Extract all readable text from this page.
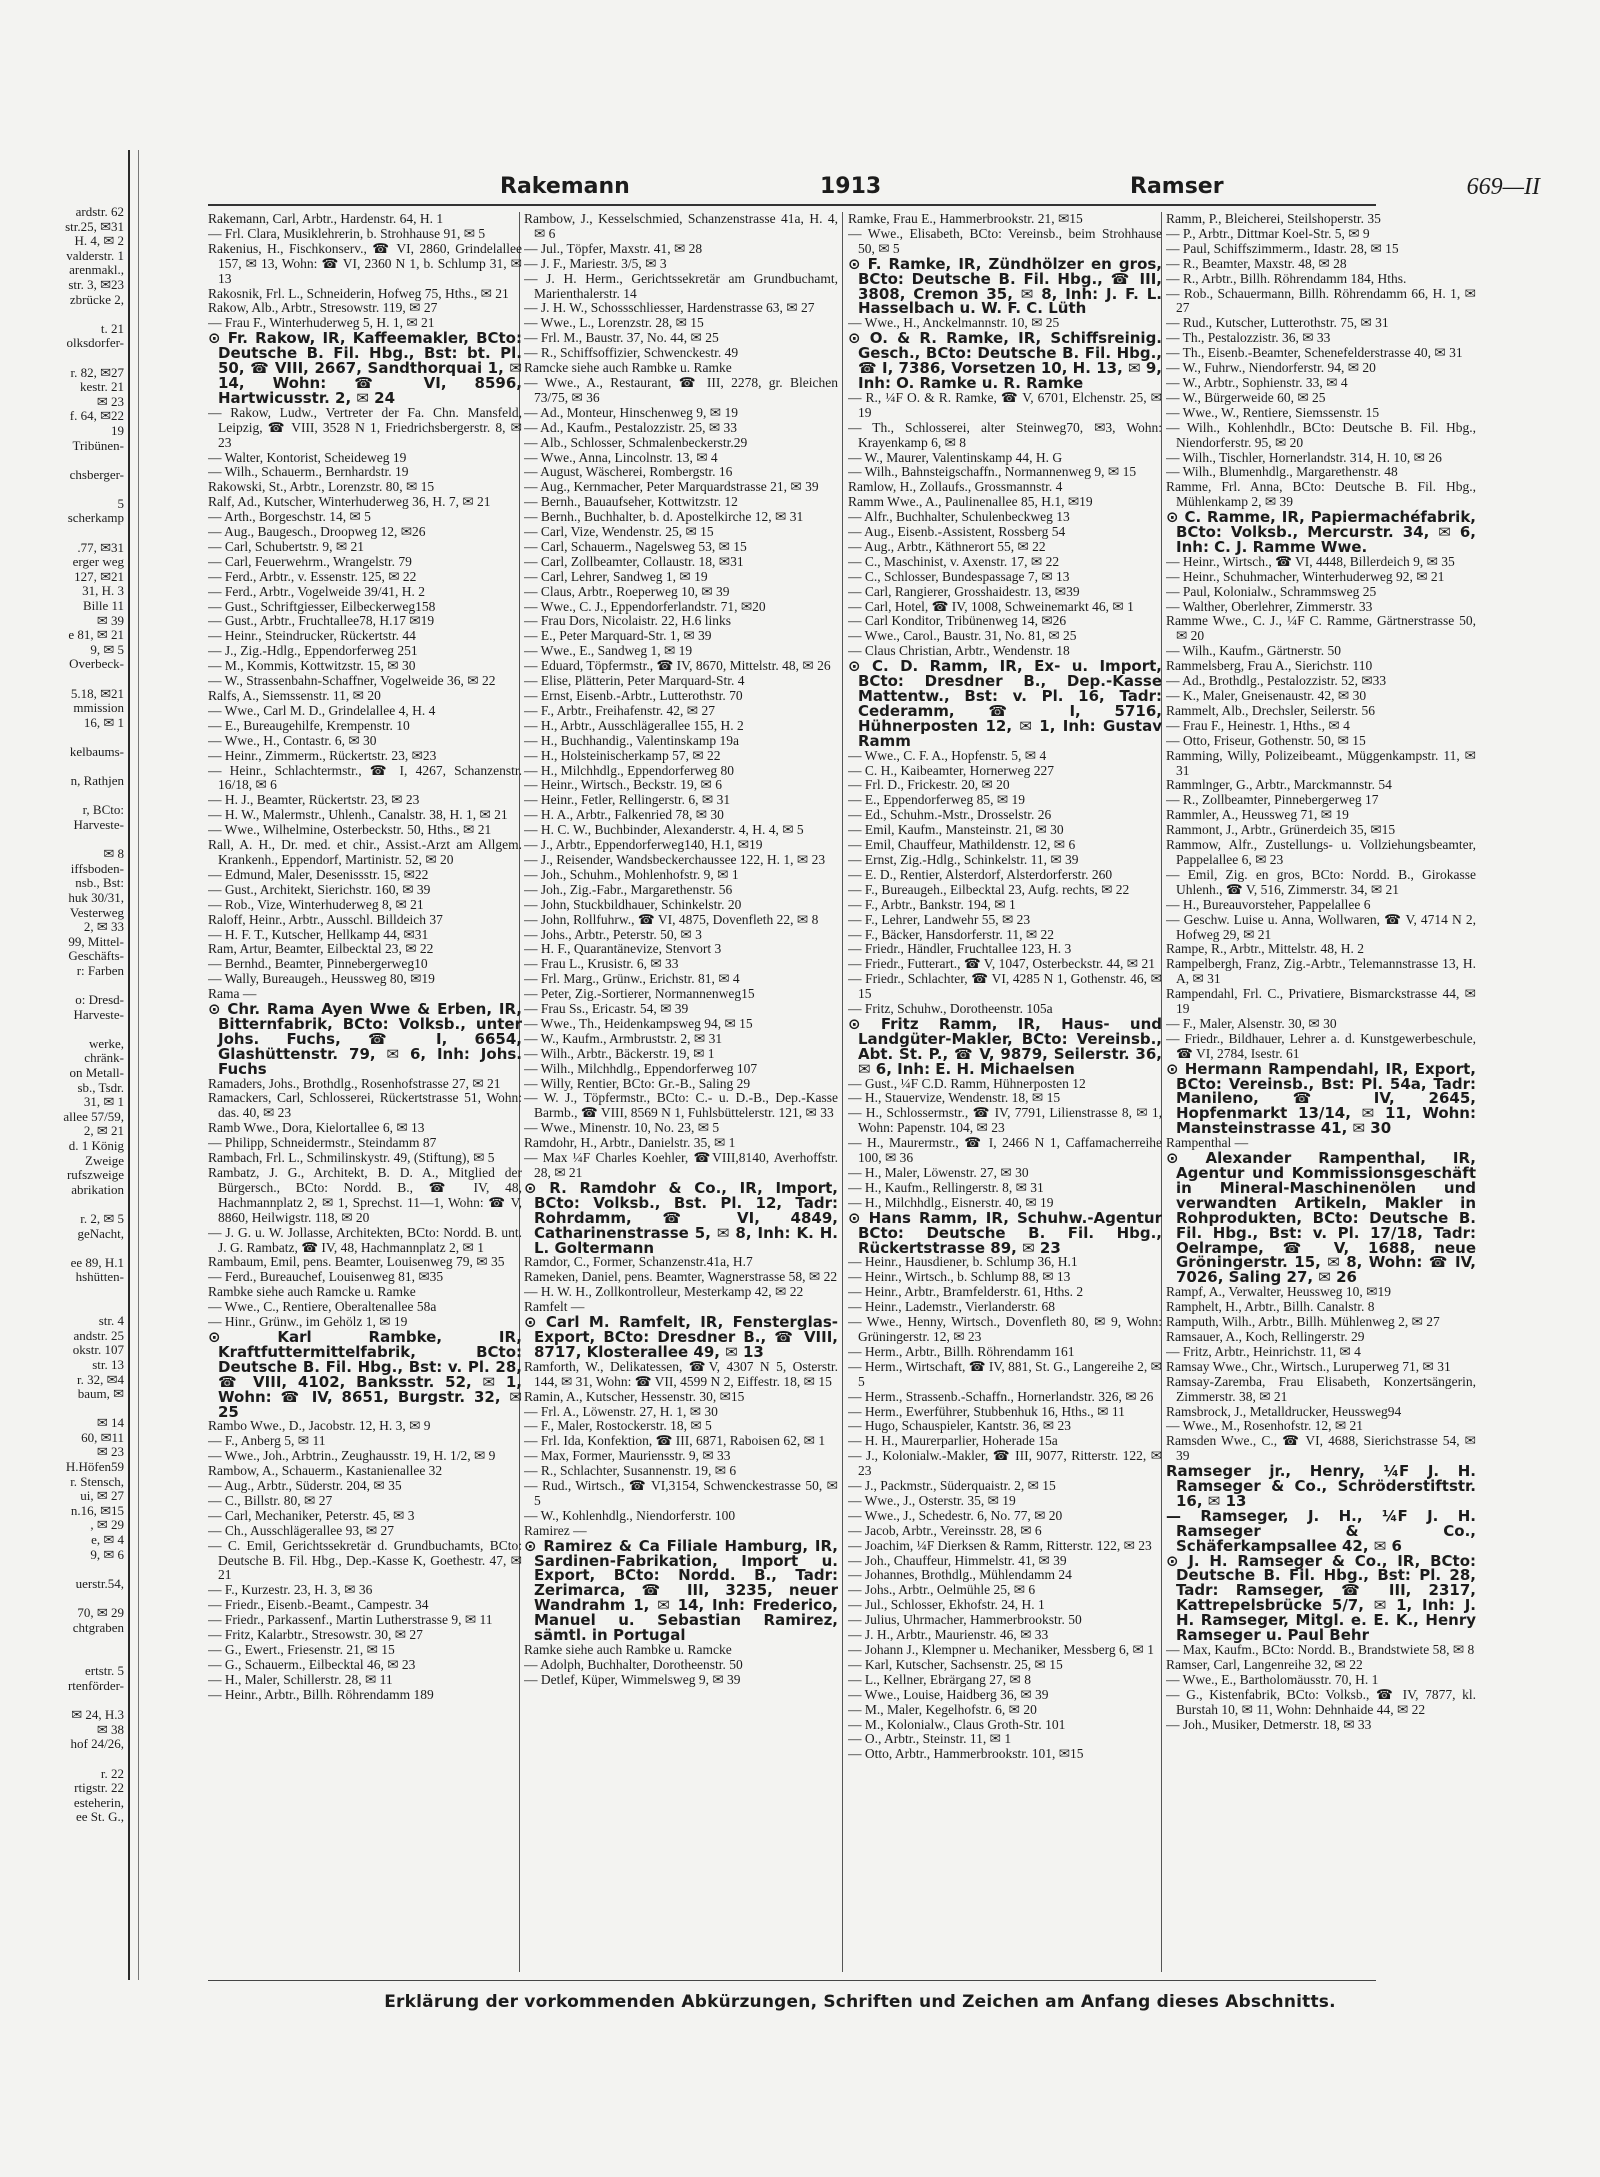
ardstr. 62
str.25, ✉31
H. 4, ✉ 2
valderstr. 1
arenmakl.,
str. 3, ✉23
zbrücke 2,

t. 21
olksdorfer-

r. 82, ✉27
kestr. 21
✉ 23
f. 64, ✉22
19
Tribünen-

chsberger-

5
scherkamp

.77, ✉31
erger weg
127, ✉21
31, H. 3
Bille 11
✉ 39
e 81, ✉ 21
9, ✉ 5
Overbeck-

5.18, ✉21
mmission
16, ✉ 1

kelbaums-

n, Rathjen

r, BCto:
Harveste-

✉ 8
iffsboden-
nsb., Bst:
huk 30/31,
Vesterweg
2, ✉ 33
99, Mittel-
Geschäfts-
r: Farben

o: Dresd-
Harveste-

werke,
chränk-
on Metall-
sb., Tsdr.
31, ✉ 1
allee 57/59,
2, ✉ 21
d. 1 König
Zweige
rufszweige
abrikation

r. 2, ✉ 5
geNacht,

ee 89, H.1
hshütten-

str. 4
andstr. 25
okstr. 107
str. 13
r. 32, ✉4
baum, ✉

✉ 14
60, ✉11
✉ 23
H.Höfen59
r. Stensch,
ui, ✉ 27
n.16, ✉15
, ✉ 29
e, ✉ 4
9, ✉ 6

uerstr.54,

70, ✉ 29
chtgraben

ertstr. 5
rtenförder-

✉ 24, H.3
✉ 38
hof 24/26,

r. 22
rtigstr. 22
esteherin,
ee St. G.,
Rakemann	1913	Ramser	669—II

Rakemann, Carl, Arbtr., Hardenstr. 64, H. 1

— Frl. Clara, Musiklehrerin, b. Strohhause 91, ✉ 5

Rakenius, H., Fischkonserv., ☎ VI, 2860, Grindelallee 157, ✉ 13, Wohn: ☎ VI, 2360 N 1, b. Schlump 31, ✉ 13

Rakosnik, Frl. L., Schneiderin, Hofweg 75, Hths., ✉ 21

Rakow, Alb., Arbtr., Stresowstr. 119, ✉ 27

— Frau F., Winterhuderweg 5, H. 1, ✉ 21

⊙ Fr. Rakow, IR, Kaffeemakler, BCto: Deutsche B. Fil. Hbg., Bst: bt. Pl. 50, ☎ VIII, 2667, Sandthorquai 1, ✉ 14, Wohn: ☎ VI, 8596, Hartwicusstr. 2, ✉ 24

— Rakow, Ludw., Vertreter der Fa. Chn. Mansfeld, Leipzig, ☎ VIII, 3528 N 1, Friedrichsbergerstr. 8, ✉ 23

— Walter, Kontorist, Scheideweg 19

— Wilh., Schauerm., Bernhardstr. 19

Rakowski, St., Arbtr., Lorenzstr. 80, ✉ 15

Ralf, Ad., Kutscher, Winterhuderweg 36, H. 7, ✉ 21

— Arth., Borgeschstr. 14, ✉ 5

— Aug., Baugesch., Droopweg 12, ✉26

— Carl, Schubertstr. 9, ✉ 21

— Carl, Feuerwehrm., Wrangelstr. 79

— Ferd., Arbtr., v. Essenstr. 125, ✉ 22

— Ferd., Arbtr., Vogelweide 39/41, H. 2

— Gust., Schriftgiesser, Eilbeckerweg158

— Gust., Arbtr., Fruchtallee78, H.17 ✉19

— Heinr., Steindrucker, Rückertstr. 44

— J., Zig.-Hdlg., Eppendorferweg 251

— M., Kommis, Kottwitzstr. 15, ✉ 30

— W., Strassenbahn-Schaffner, Vogelweide 36, ✉ 22

Ralfs, A., Siemssenstr. 11, ✉ 20

— Wwe., Carl M. D., Grindelallee 4, H. 4

— E., Bureaugehilfe, Krempenstr. 10

— Wwe., H., Contastr. 6, ✉ 30

— Heinr., Zimmerm., Rückertstr. 23, ✉23

— Heinr., Schlachtermstr., ☎ I, 4267, Schanzenstr. 16/18, ✉ 6

— H. J., Beamter, Rückertstr. 23, ✉ 23

— H. W., Malermstr., Uhlenh., Canalstr. 38, H. 1, ✉ 21

— Wwe., Wilhelmine, Osterbeckstr. 50, Hths., ✉ 21

Rall, A. H., Dr. med. et chir., Assist.-Arzt am Allgem. Krankenh., Eppendorf, Martinistr. 52, ✉ 20

— Edmund, Maler, Desenissstr. 15, ✉22

— Gust., Architekt, Sierichstr. 160, ✉ 39

— Rob., Vize, Winterhuderweg 8, ✉ 21

Raloff, Heinr., Arbtr., Ausschl. Billdeich 37

— H. F. T., Kutscher, Hellkamp 44, ✉31

Ram, Artur, Beamter, Eilbecktal 23, ✉ 22

— Bernhd., Beamter, Pinnebergerweg10

— Wally, Bureaugeh., Heussweg 80, ✉19

Rama —

⊙ Chr. Rama Ayen Wwe & Erben, IR, Bitternfabrik, BCto: Volksb., unter Johs. Fuchs, ☎ I, 6654, Glashüttenstr. 79, ✉ 6, Inh: Johs. Fuchs

Ramaders, Johs., Brothdlg., Rosenhofstrasse 27, ✉ 21

Ramackers, Carl, Schlosserei, Rückertstrasse 51, Wohn: das. 40, ✉ 23

Ramb Wwe., Dora, Kielortallee 6, ✉ 13

— Philipp, Schneidermstr., Steindamm 87

Rambach, Frl. L., Schmilinskystr. 49, (Stiftung), ✉ 5

Rambatz, J. G., Architekt, B. D. A., Mitglied der Bürgersch., BCto: Nordd. B., ☎ IV, 48, Hachmannplatz 2, ✉ 1, Sprechst. 11—1, Wohn: ☎ V, 8860, Heilwigstr. 118, ✉ 20

— J. G. u. W. Jollasse, Architekten, BCto: Nordd. B. unt. J. G. Rambatz, ☎ IV, 48, Hachmannplatz 2, ✉ 1

Rambaum, Emil, pens. Beamter, Louisenweg 79, ✉ 35

— Ferd., Bureauchef, Louisenweg 81, ✉35

Rambke siehe auch Ramcke u. Ramke

— Wwe., C., Rentiere, Oberaltenallee 58a

— Hinr., Grünw., im Gehölz 1, ✉ 19

⊙ Karl Rambke, IR, Kraftfuttermittelfabrik, BCto: Deutsche B. Fil. Hbg., Bst: v. Pl. 28, ☎ VIII, 4102, Banksstr. 52, ✉ 1, Wohn: ☎ IV, 8651, Burgstr. 32, ✉ 25

Rambo Wwe., D., Jacobstr. 12, H. 3, ✉ 9

— F., Anberg 5, ✉ 11

— Wwe., Joh., Arbtrin., Zeughausstr. 19, H. 1/2, ✉ 9

Rambow, A., Schauerm., Kastanienallee 32

— Aug., Arbtr., Süderstr. 204, ✉ 35

— C., Billstr. 80, ✉ 27

— Carl, Mechaniker, Peterstr. 45, ✉ 3

— Ch., Ausschlägerallee 93, ✉ 27

— C. Emil, Gerichtssekretär d. Grundbuchamts, BCto: Deutsche B. Fil. Hbg., Dep.-Kasse K, Goethestr. 47, ✉ 21

— F., Kurzestr. 23, H. 3, ✉ 36

— Friedr., Eisenb.-Beamt., Campestr. 34

— Friedr., Parkassenf., Martin Lutherstrasse 9, ✉ 11

— Fritz, Kalarbtr., Stresowstr. 30, ✉ 27

— G., Ewert., Friesenstr. 21, ✉ 15

— G., Schauerm., Eilbecktal 46, ✉ 23

— H., Maler, Schillerstr. 28, ✉ 11

— Heinr., Arbtr., Billh. Röhrendamm 189

Rambow, J., Kesselschmied, Schanzenstrasse 41a, H. 4, ✉ 6

— Jul., Töpfer, Maxstr. 41, ✉ 28

— J. F., Mariestr. 3/5, ✉ 3

— J. H. Herm., Gerichtssekretär am Grundbuchamt, Marienthalerstr. 14

— J. H. W., Schossschliesser, Hardenstrasse 63, ✉ 27

— Wwe., L., Lorenzstr. 28, ✉ 15

— Frl. M., Baustr. 37, No. 44, ✉ 25

— R., Schiffsoffizier, Schwenckestr. 49

Ramcke siehe auch Rambke u. Ramke

— Wwe., A., Restaurant, ☎ III, 2278, gr. Bleichen 73/75, ✉ 36

— Ad., Monteur, Hinschenweg 9, ✉ 19

— Ad., Kaufm., Pestalozzistr. 25, ✉ 33

— Alb., Schlosser, Schmalenbeckerstr.29

— Wwe., Anna, Lincolnstr. 13, ✉ 4

— August, Wäscherei, Rombergstr. 16

— Aug., Kernmacher, Peter Marquardstrasse 21, ✉ 39

— Bernh., Bauaufseher, Kottwitzstr. 12

— Bernh., Buchhalter, b. d. Apostelkirche 12, ✉ 31

— Carl, Vize, Wendenstr. 25, ✉ 15

— Carl, Schauerm., Nagelsweg 53, ✉ 15

— Carl, Zollbeamter, Collaustr. 18, ✉31

— Carl, Lehrer, Sandweg 1, ✉ 19

— Claus, Arbtr., Roeperweg 10, ✉ 39

— Wwe., C. J., Eppendorferlandstr. 71, ✉20

— Frau Dors, Nicolaistr. 22, H.6 links

— E., Peter Marquard-Str. 1, ✉ 39

— Wwe., E., Sandweg 1, ✉ 19

— Eduard, Töpfermstr., ☎ IV, 8670, Mittelstr. 48, ✉ 26

— Elise, Plätterin, Peter Marquard-Str. 4

— Ernst, Eisenb.-Arbtr., Lutterothstr. 70

— F., Arbtr., Freihafenstr. 42, ✉ 27

— H., Arbtr., Ausschlägerallee 155, H. 2

— H., Buchhandig., Valentinskamp 19a

— H., Holsteinischerkamp 57, ✉ 22

— H., Milchhdlg., Eppendorferweg 80

— Heinr., Wirtsch., Beckstr. 19, ✉ 6

— Heinr., Fetler, Rellingerstr. 6, ✉ 31

— H. A., Arbtr., Falkenried 78, ✉ 30

— H. C. W., Buchbinder, Alexanderstr. 4, H. 4, ✉ 5

— J., Arbtr., Eppendorferweg140, H.1, ✉19

— J., Reisender, Wandsbeckerchaussee 122, H. 1, ✉ 23

— Joh., Schuhm., Mohlenhofstr. 9, ✉ 1

— Joh., Zig.-Fabr., Margarethenstr. 56

— John, Stuckbildhauer, Schinkelstr. 20

— John, Rollfuhrw., ☎ VI, 4875, Dovenfleth 22, ✉ 8

— Johs., Arbtr., Peterstr. 50, ✉ 3

— H. F., Quarantänevize, Stenvort 3

— Frau L., Krusistr. 6, ✉ 33

— Frl. Marg., Grünw., Erichstr. 81, ✉ 4

— Peter, Zig.-Sortierer, Normannenweg15

— Frau Ss., Ericastr. 54, ✉ 39

— Wwe., Th., Heidenkampsweg 94, ✉ 15

— W., Kaufm., Armbruststr. 2, ✉ 31

— Wilh., Arbtr., Bäckerstr. 19, ✉ 1

— Wilh., Milchhdlg., Eppendorferweg 107

— Willy, Rentier, BCto: Gr.-B., Saling 29

— W. J., Töpfermstr., BCto: C.- u. D.-B., Dep.-Kasse Barmb., ☎ VIII, 8569 N 1, Fuhlsbüttelerstr. 121, ✉ 33

— Wwe., Minenstr. 10, No. 23, ✉ 5

Ramdohr, H., Arbtr., Danielstr. 35, ✉ 1

— Max ¼F Charles Koehler, ☎VIII,8140, Averhoffstr. 28, ✉ 21

⊙ R. Ramdohr & Co., IR, Import, BCto: Volksb., Bst. Pl. 12, Tadr: Rohrdamm, ☎ VI, 4849, Catharinenstrasse 5, ✉ 8, Inh: K. H. L. Goltermann

Ramdor, C., Former, Schanzenstr.41a, H.7

Rameken, Daniel, pens. Beamter, Wagnerstrasse 58, ✉ 22

— H. W. H., Zollkontrolleur, Mesterkamp 42, ✉ 22

Ramfelt —

⊙ Carl M. Ramfelt, IR, Fensterglas-Export, BCto: Dresdner B., ☎ VIII, 8717, Klosterallee 49, ✉ 13

Ramforth, W., Delikatessen, ☎V, 4307 N 5, Osterstr. 144, ✉ 31, Wohn: ☎ VII, 4599 N 2, Eiffestr. 18, ✉ 15

Ramin, A., Kutscher, Hessenstr. 30, ✉15

— Frl. A., Löwenstr. 27, H. 1, ✉ 30

— F., Maler, Rostockerstr. 18, ✉ 5

— Frl. Ida, Konfektion, ☎ III, 6871, Raboisen 62, ✉ 1

— Max, Former, Mauriensstr. 9, ✉ 33

— R., Schlachter, Susannenstr. 19, ✉ 6

— Rud., Wirtsch., ☎ VI,3154, Schwenckestrasse 50, ✉ 5

— W., Kohlenhdlg., Niendorferstr. 100

Ramirez —

⊙ Ramirez & Ca Filiale Hamburg, IR, Sardinen-Fabrikation, Import u. Export, BCto: Nordd. B., Tadr: Zerimarca, ☎ III, 3235, neuer Wandrahm 1, ✉ 14, Inh: Frederico, Manuel u. Sebastian Ramirez, sämtl. in Portugal

Ramke siehe auch Rambke u. Ramcke

— Adolph, Buchhalter, Dorotheenstr. 50

— Detlef, Küper, Wimmelsweg 9, ✉ 39

Ramke, Frau E., Hammerbrookstr. 21, ✉15

— Wwe., Elisabeth, BCto: Vereinsb., beim Strohhause 50, ✉ 5

⊙ F. Ramke, IR, Zündhölzer en gros, BCto: Deutsche B. Fil. Hbg., ☎ III, 3808, Cremon 35, ✉ 8, Inh: J. F. L. Hasselbach u. W. F. C. Lüth

— Wwe., H., Anckelmannstr. 10, ✉ 25

⊙ O. & R. Ramke, IR, Schiffsreinig. Gesch., BCto: Deutsche B. Fil. Hbg., ☎ I, 7386, Vorsetzen 10, H. 13, ✉ 9, Inh: O. Ramke u. R. Ramke

— R., ¼F O. & R. Ramke, ☎ V, 6701, Elchenstr. 25, ✉ 19

— Th., Schlosserei, alter Steinweg70, ✉3, Wohn: Krayenkamp 6, ✉ 8

— W., Maurer, Valentinskamp 44, H. G

— Wilh., Bahnsteigschaffn., Normannenweg 9, ✉ 15

Ramlow, H., Zollaufs., Grossmannstr. 4

Ramm Wwe., A., Paulinenallee 85, H.1, ✉19

— Alfr., Buchhalter, Schulenbeckweg 13

— Aug., Eisenb.-Assistent, Rossberg 54

— Aug., Arbtr., Käthnerort 55, ✉ 22

— C., Maschinist, v. Axenstr. 17, ✉ 22

— C., Schlosser, Bundespassage 7, ✉ 13

— Carl, Rangierer, Grosshaidestr. 13, ✉39

— Carl, Hotel, ☎ IV, 1008, Schweinemarkt 46, ✉ 1

— Carl Konditor, Tribünenweg 14, ✉26

— Wwe., Carol., Baustr. 31, No. 81, ✉ 25

— Claus Christian, Arbtr., Wendenstr. 18

⊙ C. D. Ramm, IR, Ex- u. Import, BCto: Dresdner B., Dep.-Kasse Mattentw., Bst: v. Pl. 16, Tadr: Cederamm, ☎ I, 5716, Hühnerposten 12, ✉ 1, Inh: Gustav Ramm

— Wwe., C. F. A., Hopfenstr. 5, ✉ 4

— C. H., Kaibeamter, Hornerweg 227

— Frl. D., Frickestr. 20, ✉ 20

— E., Eppendorferweg 85, ✉ 19

— Ed., Schuhm.-Mstr., Drosselstr. 26

— Emil, Kaufm., Mansteinstr. 21, ✉ 30

— Emil, Chauffeur, Mathildenstr. 12, ✉ 6

— Ernst, Zig.-Hdlg., Schinkelstr. 11, ✉ 39

— E. D., Rentier, Alsterdorf, Alsterdorferstr. 260

— F., Bureaugeh., Eilbecktal 23, Aufg. rechts, ✉ 22

— F., Arbtr., Bankstr. 194, ✉ 1

— F., Lehrer, Landwehr 55, ✉ 23

— F., Bäcker, Hansdorferstr. 11, ✉ 22

— Friedr., Händler, Fruchtallee 123, H. 3

— Friedr., Futterart., ☎ V, 1047, Osterbeckstr. 44, ✉ 21

— Friedr., Schlachter, ☎ VI, 4285 N 1, Gothenstr. 46, ✉ 15

— Fritz, Schuhw., Dorotheenstr. 105a

⊙ Fritz Ramm, IR, Haus- und Landgüter-Makler, BCto: Vereinsb., Abt. St. P., ☎ V, 9879, Seilerstr. 36, ✉ 6, Inh: E. H. Michaelsen

— Gust., ¼F C.D. Ramm, Hühnerposten 12

— H., Stauervize, Wendenstr. 18, ✉ 15

— H., Schlossermstr., ☎ IV, 7791, Lilienstrasse 8, ✉ 1, Wohn: Papenstr. 104, ✉ 23

— H., Maurermstr., ☎ I, 2466 N 1, Caffamacherreihe 100, ✉ 36

— H., Maler, Löwenstr. 27, ✉ 30

— H., Kaufm., Rellingerstr. 8, ✉ 31

— H., Milchhdlg., Eisnerstr. 40, ✉ 19

⊙ Hans Ramm, IR, Schuhw.-Agentur BCto: Deutsche B. Fil. Hbg., Rückertstrasse 89, ✉ 23

— Heinr., Hausdiener, b. Schlump 36, H.1

— Heinr., Wirtsch., b. Schlump 88, ✉ 13

— Heinr., Arbtr., Bramfelderstr. 61, Hths. 2

— Heinr., Lademstr., Vierlanderstr. 68

— Wwe., Henny, Wirtsch., Dovenfleth 80, ✉ 9, Wohn: Grüningerstr. 12, ✉ 23

— Herm., Arbtr., Billh. Röhrendamm 161

— Herm., Wirtschaft, ☎ IV, 881, St. G., Langereihe 2, ✉ 5

— Herm., Strassenb.-Schaffn., Hornerlandstr. 326, ✉ 26

— Herm., Ewerführer, Stubbenhuk 16, Hths., ✉ 11

— Hugo, Schauspieler, Kantstr. 36, ✉ 23

— H. H., Maurerparlier, Hoherade 15a

— J., Kolonialw.-Makler, ☎ III, 9077, Ritterstr. 122, ✉ 23

— J., Packmstr., Süderquaistr. 2, ✉ 15

— Wwe., J., Osterstr. 35, ✉ 19

— Wwe., J., Schedestr. 6, No. 77, ✉ 20

— Jacob, Arbtr., Vereinsstr. 28, ✉ 6

— Joachim, ¼F Dierksen & Ramm, Ritterstr. 122, ✉ 23

— Joh., Chauffeur, Himmelstr. 41, ✉ 39

— Johannes, Brothdlg., Mühlendamm 24

— Johs., Arbtr., Oelmühle 25, ✉ 6

— Jul., Schlosser, Ekhofstr. 24, H. 1

— Julius, Uhrmacher, Hammerbrookstr. 50

— J. H., Arbtr., Maurienstr. 46, ✉ 33

— Johann J., Klempner u. Mechaniker, Messberg 6, ✉ 1

— Karl, Kutscher, Sachsenstr. 25, ✉ 15

— L., Kellner, Ebrärgang 27, ✉ 8

— Wwe., Louise, Haidberg 36, ✉ 39

— M., Maler, Kegelhofstr. 6, ✉ 20

— M., Kolonialw., Claus Groth-Str. 101

— O., Arbtr., Steinstr. 11, ✉ 1

— Otto, Arbtr., Hammerbrookstr. 101, ✉15

Ramm, P., Bleicherei, Steilshoperstr. 35

— P., Arbtr., Dittmar Koel-Str. 5, ✉ 9

— Paul, Schiffszimmerm., Idastr. 28, ✉ 15

— R., Beamter, Maxstr. 48, ✉ 28

— R., Arbtr., Billh. Röhrendamm 184, Hths.

— Rob., Schauermann, Billh. Röhrendamm 66, H. 1, ✉ 27

— Rud., Kutscher, Lutterothstr. 75, ✉ 31

— Th., Pestalozzistr. 36, ✉ 33

— Th., Eisenb.-Beamter, Schenefelderstrasse 40, ✉ 31

— W., Fuhrw., Niendorferstr. 94, ✉ 20

— W., Arbtr., Sophienstr. 33, ✉ 4

— W., Bürgerweide 60, ✉ 25

— Wwe., W., Rentiere, Siemssenstr. 15

— Wilh., Kohlenhdlr., BCto: Deutsche B. Fil. Hbg., Niendorferstr. 95, ✉ 20

— Wilh., Tischler, Hornerlandstr. 314, H. 10, ✉ 26

— Wilh., Blumenhdlg., Margarethenstr. 48

Ramme, Frl. Anna, BCto: Deutsche B. Fil. Hbg., Mühlenkamp 2, ✉ 39

⊙ C. Ramme, IR, Papiermachéfabrik, BCto: Volksb., Mercurstr. 34, ✉ 6, Inh: C. J. Ramme Wwe.

— Heinr., Wirtsch., ☎ VI, 4448, Billerdeich 9, ✉ 35

— Heinr., Schuhmacher, Winterhuderweg 92, ✉ 21

— Paul, Kolonialw., Schrammsweg 25

— Walther, Oberlehrer, Zimmerstr. 33

Ramme Wwe., C. J., ¼F C. Ramme, Gärtnerstrasse 50, ✉ 20

— Wilh., Kaufm., Gärtnerstr. 50

Rammelsberg, Frau A., Sierichstr. 110

— Ad., Brothdlg., Pestalozzistr. 52, ✉33

— K., Maler, Gneisenaustr. 42, ✉ 30

Rammelt, Alb., Drechsler, Seilerstr. 56

— Frau F., Heinestr. 1, Hths., ✉ 4

— Otto, Friseur, Gothenstr. 50, ✉ 15

Ramming, Willy, Polizeibeamt., Müggenkampstr. 11, ✉ 31

Rammlnger, G., Arbtr., Marckmannstr. 54

— R., Zollbeamter, Pinnebergerweg 17

Rammler, A., Heussweg 71, ✉ 19

Rammont, J., Arbtr., Grünerdeich 35, ✉15

Rammow, Alfr., Zustellungs- u. Vollziehungsbeamter, Pappelallee 6, ✉ 23

— Emil, Zig. en gros, BCto: Nordd. B., Girokasse Uhlenh., ☎ V, 516, Zimmerstr. 34, ✉ 21

— H., Bureauvorsteher, Pappelallee 6

— Geschw. Luise u. Anna, Wollwaren, ☎ V, 4714 N 2, Hofweg 29, ✉ 21

Rampe, R., Arbtr., Mittelstr. 48, H. 2

Rampelbergh, Franz, Zig.-Arbtr., Telemannstrasse 13, H. A, ✉ 31

Rampendahl, Frl. C., Privatiere, Bismarckstrasse 44, ✉ 19

— F., Maler, Alsenstr. 30, ✉ 30

— Friedr., Bildhauer, Lehrer a. d. Kunstgewerbeschule, ☎ VI, 2784, Isestr. 61

⊙ Hermann Rampendahl, IR, Export, BCto: Vereinsb., Bst: Pl. 54a, Tadr: Manileno, ☎ IV, 2645, Hopfenmarkt 13/14, ✉ 11, Wohn: Mansteinstrasse 41, ✉ 30

Rampenthal —

⊙ Alexander Rampenthal, IR, Agentur und Kommissionsgeschäft in Mineral-Maschinenölen und verwandten Artikeln, Makler in Rohprodukten, BCto: Deutsche B. Fil. Hbg., Bst: v. Pl. 17/18, Tadr: Oelrampe, ☎ V, 1688, neue Gröningerstr. 15, ✉ 8, Wohn: ☎ IV, 7026, Saling 27, ✉ 26

Rampf, A., Verwalter, Heussweg 10, ✉19

Ramphelt, H., Arbtr., Billh. Canalstr. 8

Ramputh, Wilh., Arbtr., Billh. Mühlenweg 2, ✉ 27

Ramsauer, A., Koch, Rellingerstr. 29

— Fritz, Arbtr., Heinrichstr. 11, ✉ 4

Ramsay Wwe., Chr., Wirtsch., Luruperweg 71, ✉ 31

Ramsay-Zaremba, Frau Elisabeth, Konzertsängerin, Zimmerstr. 38, ✉ 21

Ramsbrock, J., Metalldrucker, Heussweg94

— Wwe., M., Rosenhofstr. 12, ✉ 21

Ramsden Wwe., C., ☎ VI, 4688, Sierichstrasse 54, ✉ 39

Ramseger jr., Henry, ¼F J. H. Ramseger & Co., Schröderstiftstr. 16, ✉ 13

— Ramseger, J. H., ¼F J. H. Ramseger & Co., Schäferkampsallee 42, ✉ 6

⊙ J. H. Ramseger & Co., IR, BCto: Deutsche B. Fil. Hbg., Bst: Pl. 28, Tadr: Ramseger, ☎ III, 2317, Kattrepelsbrücke 5/7, ✉ 1, Inh: J. H. Ramseger, Mitgl. e. E. K., Henry Ramseger u. Paul Behr

— Max, Kaufm., BCto: Nordd. B., Brandstwiete 58, ✉ 8

Ramser, Carl, Langenreihe 32, ✉ 22

— Wwe., E., Bartholomäusstr. 70, H. 1

— G., Kistenfabrik, BCto: Volksb., ☎ IV, 7877, kl. Burstah 10, ✉ 11, Wohn: Dehnhaide 44, ✉ 22

— Joh., Musiker, Detmerstr. 18, ✉ 33

Erklärung der vorkommenden Abkürzungen, Schriften und Zeichen am Anfang dieses Abschnitts.
